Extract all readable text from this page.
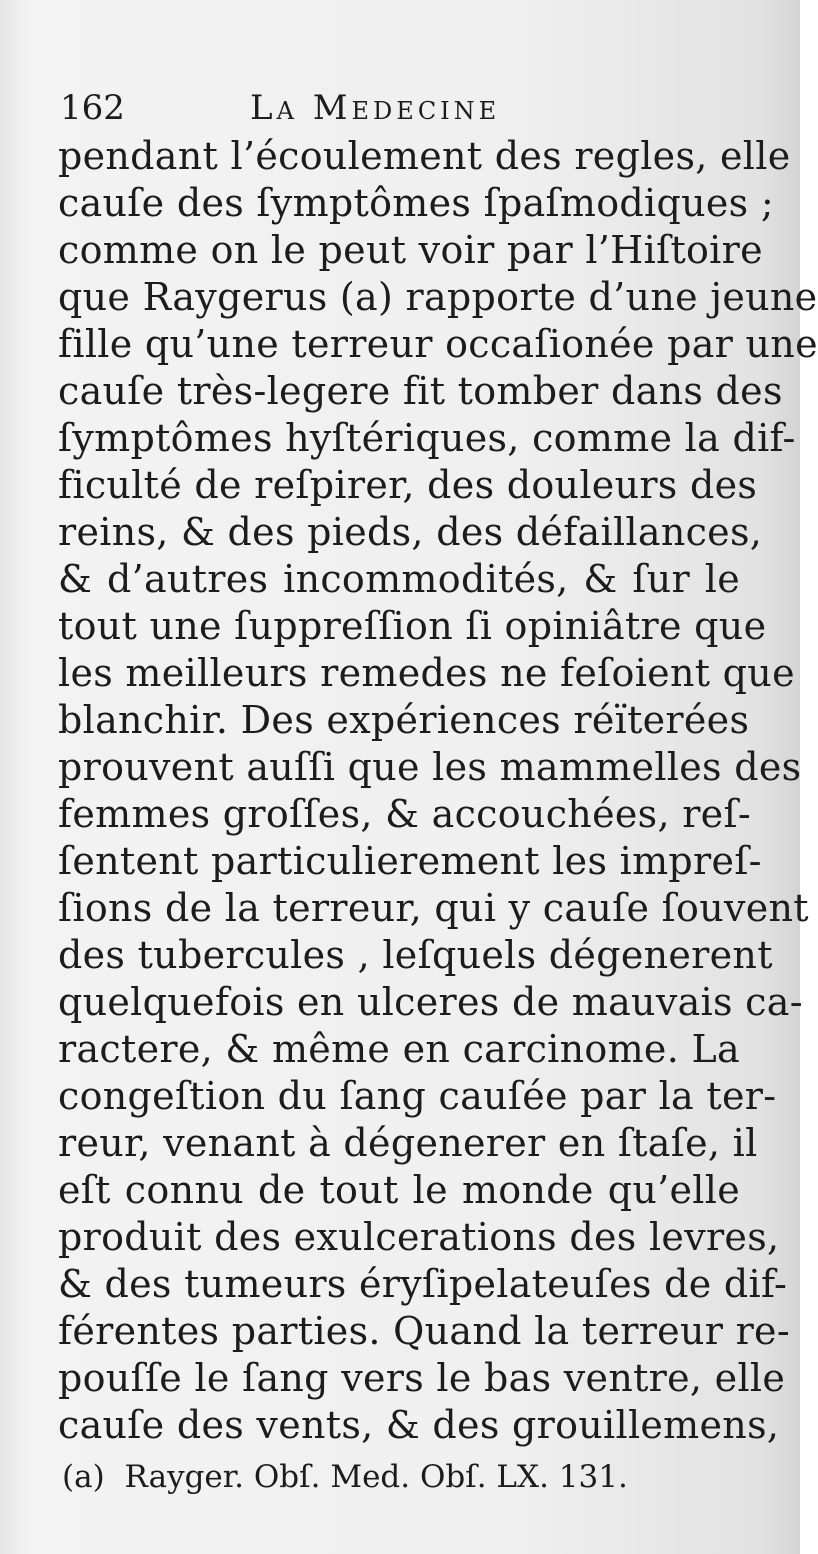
162	La Medecine
pendant l’écoulement des regles, elle
cauſe des ſymptômes ſpaſmodiques ;
comme on le peut voir par l’Hiſtoire
que Raygerus (a) rapporte d’une jeune
fille qu’une terreur occaſionée par une
cauſe très-legere fit tomber dans des
ſymptômes hyſtériques, comme la dif-
ficulté de reſpirer, des douleurs des
reins, & des pieds, des défaillances,
& d’autres incommodités, & ſur le
tout une ſuppreſſion ſi opiniâtre que
les meilleurs remedes ne feſoient que
blanchir. Des expériences réïterées
prouvent auſſi que les mammelles des
femmes groſſes, & accouchées, reſ-
ſentent particulierement les impreſ-
ſions de la terreur, qui y cauſe ſouvent
des tubercules , leſquels dégenerent
quelquefois en ulceres de mauvais ca-
ractere, & même en carcinome. La
congeſtion du ſang cauſée par la ter-
reur, venant à dégenerer en ſtaſe, il
eſt connu de tout le monde qu’elle
produit des exulcerations des levres,
& des tumeurs éryſipelateuſes de dif-
férentes parties. Quand la terreur re-
pouſſe le ſang vers le bas ventre, elle
cauſe des vents, & des grouillemens,
(a) Rayger. Obſ. Med. Obſ. LX. 131.
